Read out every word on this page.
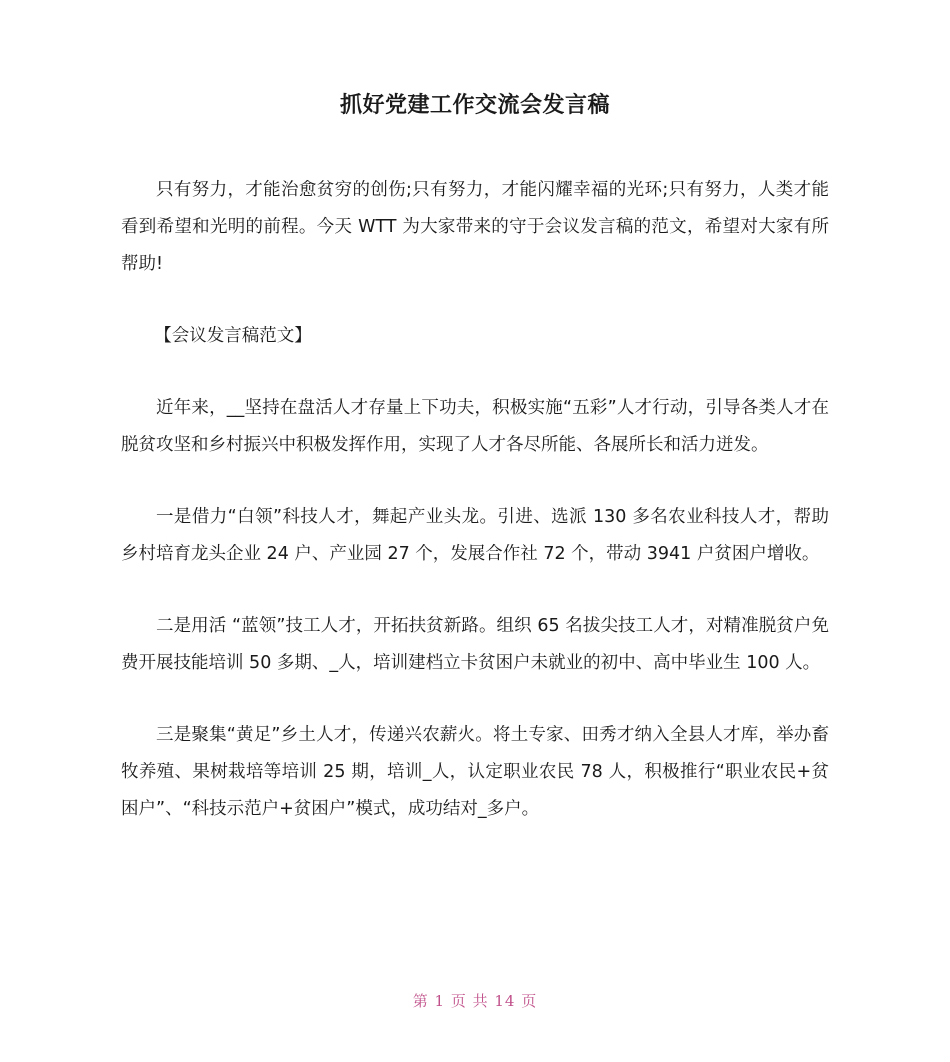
抓好党建工作交流会发言稿

只有努力，才能治愈贫穷的创伤;只有努力，才能闪耀幸福的光环;只有努力，人类才能看到希望和光明的前程。今天 WTT 为大家带来的守于会议发言稿的范文，希望对大家有所帮助!

【会议发言稿范文】

近年来，__坚持在盘活人才存量上下功夫，积极实施“五彩”人才行动，引导各类人才在脱贫攻坚和乡村振兴中积极发挥作用，实现了人才各尽所能、各展所长和活力迸发。

一是借力“白领”科技人才，舞起产业头龙。引进、选派 130 多名农业科技人才，帮助乡村培育龙头企业 24 户、产业园 27 个，发展合作社 72 个，带动 3941 户贫困户增收。

二是用活 “蓝领”技工人才，开拓扶贫新路。组织 65 名拔尖技工人才，对精准脱贫户免费开展技能培训 50 多期、_人，培训建档立卡贫困户未就业的初中、高中毕业生 100 人。

三是聚集“黄足”乡土人才，传递兴农薪火。将土专家、田秀才纳入全县人才库，举办畜牧养殖、果树栽培等培训 25 期，培训_人，认定职业农民 78 人，积极推行“职业农民+贫困户”、“科技示范户+贫困户”模式，成功结对_多户。

第 1 页 共 14 页
